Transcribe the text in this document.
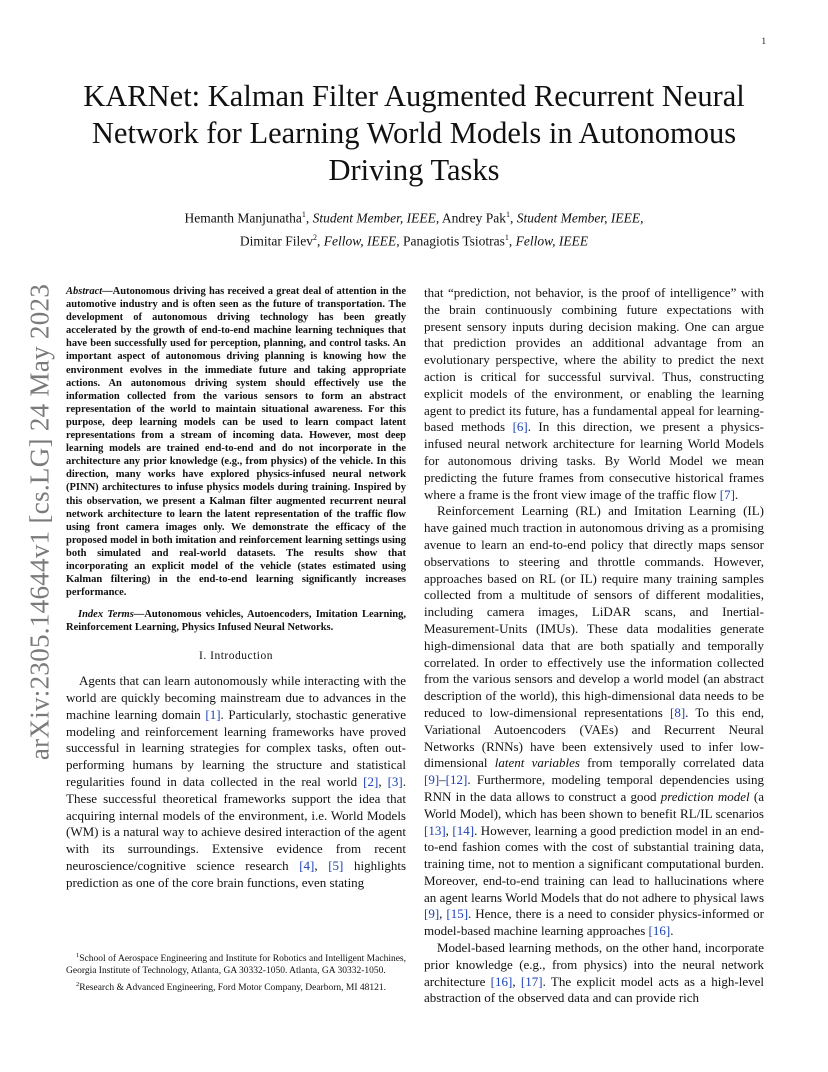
1
arXiv:2305.14644v1 [cs.LG] 24 May 2023
KARNet: Kalman Filter Augmented Recurrent Neural Network for Learning World Models in Autonomous Driving Tasks
Hemanth Manjunatha$^1$, Student Member, IEEE, Andrey Pak$^1$, Student Member, IEEE,
Dimitar Filev$^2$, Fellow, IEEE, Panagiotis Tsiotras$^1$, Fellow, IEEE

Abstract—Autonomous driving has received a great deal of attention in the automotive industry and is often seen as the future of transportation. The development of autonomous driving technology has been greatly accelerated by the growth of end-to-end machine learning techniques that have been successfully used for perception, planning, and control tasks. An important aspect of autonomous driving planning is knowing how the environment evolves in the immediate future and taking appropriate actions. An autonomous driving system should effectively use the information collected from the various sensors to form an abstract representation of the world to maintain situational awareness. For this purpose, deep learning models can be used to learn compact latent representations from a stream of incoming data. However, most deep learning models are trained end-to-end and do not incorporate in the architecture any prior knowledge (e.g., from physics) of the vehicle. In this direction, many works have explored physics-infused neural network (PINN) architectures to infuse physics models during training. Inspired by this observation, we present a Kalman filter augmented recurrent neural network architecture to learn the latent representation of the traffic flow using front camera images only. We demonstrate the efficacy of the proposed model in both imitation and reinforcement learning settings using both simulated and real-world datasets. The results show that incorporating an explicit model of the vehicle (states estimated using Kalman filtering) in the end-to-end learning significantly increases performance.

Index Terms—Autonomous vehicles, Autoencoders, Imitation Learning, Reinforcement Learning, Physics Infused Neural Networks.

I. Introduction

Agents that can learn autonomously while interacting with the world are quickly becoming mainstream due to advances in the machine learning domain [1]. Particularly, stochastic generative modeling and reinforcement learning frameworks have proved successful in learning strategies for complex tasks, often out-performing humans by learning the structure and statistical regularities found in data collected in the real world [2], [3]. These successful theoretical frameworks support the idea that acquiring internal models of the environment, i.e. World Models (WM) is a natural way to achieve desired interaction of the agent with its surroundings. Extensive evidence from recent neuroscience/cognitive science research [4], [5] highlights prediction as one of the core brain functions, even stating

$^1$School of Aerospace Engineering and Institute for Robotics and Intelligent Machines, Georgia Institute of Technology, Atlanta, GA 30332-1050. Atlanta, GA 30332-1050.

$^2$Research & Advanced Engineering, Ford Motor Company, Dearborn, MI 48121.

that “prediction, not behavior, is the proof of intelligence” with the brain continuously combining future expectations with present sensory inputs during decision making. One can argue that prediction provides an additional advantage from an evolutionary perspective, where the ability to predict the next action is critical for successful survival. Thus, constructing explicit models of the environment, or enabling the learning agent to predict its future, has a fundamental appeal for learning-based methods [6]. In this direction, we present a physics-infused neural network architecture for learning World Models for autonomous driving tasks. By World Model we mean predicting the future frames from consecutive historical frames where a frame is the front view image of the traffic flow [7].

Reinforcement Learning (RL) and Imitation Learning (IL) have gained much traction in autonomous driving as a promising avenue to learn an end-to-end policy that directly maps sensor observations to steering and throttle commands. However, approaches based on RL (or IL) require many training samples collected from a multitude of sensors of different modalities, including camera images, LiDAR scans, and Inertial-Measurement-Units (IMUs). These data modalities generate high-dimensional data that are both spatially and temporally correlated. In order to effectively use the information collected from the various sensors and develop a world model (an abstract description of the world), this high-dimensional data needs to be reduced to low-dimensional representations [8]. To this end, Variational Autoencoders (VAEs) and Recurrent Neural Networks (RNNs) have been extensively used to infer low-dimensional latent variables from temporally correlated data [9]–[12]. Furthermore, modeling temporal dependencies using RNN in the data allows to construct a good prediction model (a World Model), which has been shown to benefit RL/IL scenarios [13], [14]. However, learning a good prediction model in an end-to-end fashion comes with the cost of substantial training data, training time, not to mention a significant computational burden. Moreover, end-to-end training can lead to hallucinations where an agent learns World Models that do not adhere to physical laws [9], [15]. Hence, there is a need to consider physics-informed or model-based machine learning approaches [16].

Model-based learning methods, on the other hand, incorporate prior knowledge (e.g., from physics) into the neural network architecture [16], [17]. The explicit model acts as a high-level abstraction of the observed data and can provide rich
